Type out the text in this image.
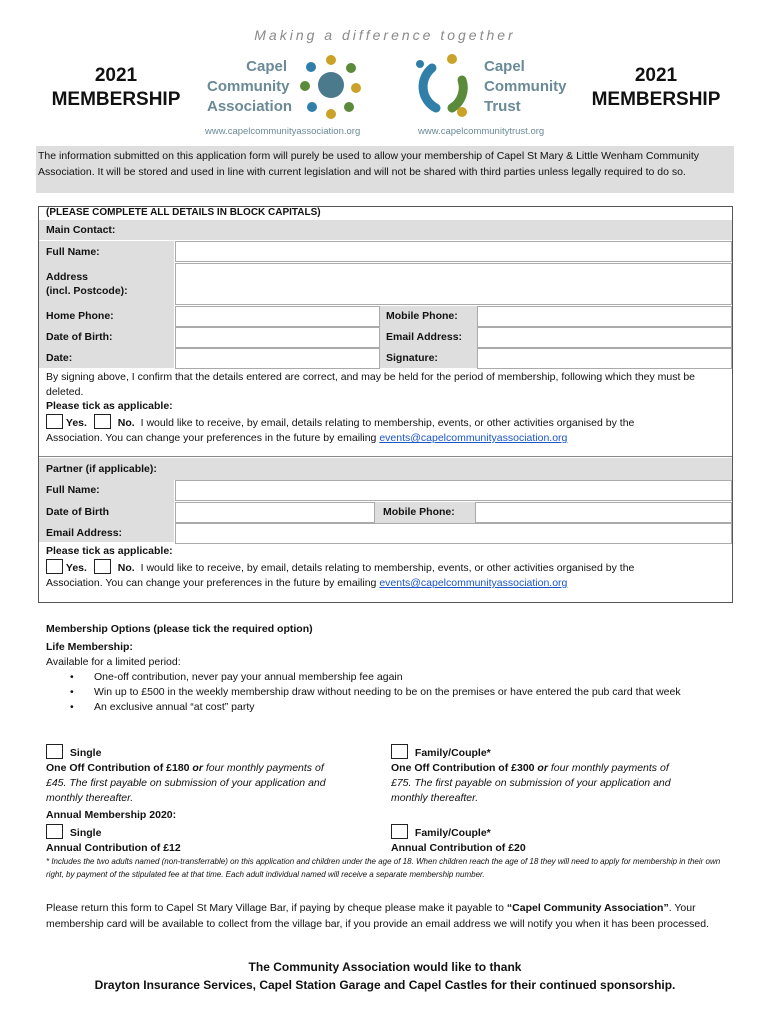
Making a difference together
2021
MEMBERSHIP
2021
MEMBERSHIP
Capel
Community
Association
www.capelcommunityassociation.org
Capel
Community
Trust
www.capelcommunitytrust.org
The information submitted on this application form will purely be used to allow your membership of Capel St Mary & Little Wenham Community Association. It will be stored and used in line with current legislation and will not be shared with third parties unless legally required to do so.
(PLEASE COMPLETE ALL DETAILS IN BLOCK CAPITALS)
Main Contact:
Full Name:
Address
(incl. Postcode):
Home Phone:	Mobile Phone:
Date of Birth:	Email Address:
Date:	Signature:
By signing above, I confirm that the details entered are correct, and may be held for the period of membership, following which they must be deleted.
Please tick as applicable:
Yes.	No. I would like to receive, by email, details relating to membership, events, or other activities organised by the
Association. You can change your preferences in the future by emailing events@capelcommunityassociation.org
Partner (if applicable):
Full Name:
Date of Birth	Mobile Phone:
Email Address:
Please tick as applicable:
Yes.	No. I would like to receive, by email, details relating to membership, events, or other activities organised by the
Association. You can change your preferences in the future by emailing events@capelcommunityassociation.org
Membership Options (please tick the required option)
Life Membership:
Available for a limited period:
• One-off contribution, never pay your annual membership fee again
• Win up to £500 in the weekly membership draw without needing to be on the premises or have entered the pub card that week
• An exclusive annual “at cost” party
Single
One Off Contribution of £180 or four monthly payments of
£45. The first payable on submission of your application and
monthly thereafter.
Family/Couple*
One Off Contribution of £300 or four monthly payments of
£75. The first payable on submission of your application and
monthly thereafter.
Annual Membership 2020:
Single
Annual Contribution of £12
Family/Couple*
Annual Contribution of £20
* Includes the two adults named (non-transferrable) on this application and children under the age of 18. When children reach the age of 18 they will need to apply for membership in their own right, by payment of the stipulated fee at that time. Each adult individual named will receive a separate membership number.
Please return this form to Capel St Mary Village Bar, if paying by cheque please make it payable to “Capel Community Association”. Your membership card will be available to collect from the village bar, if you provide an email address we will notify you when it has been processed.
The Community Association would like to thank
Drayton Insurance Services, Capel Station Garage and Capel Castles for their continued sponsorship.
